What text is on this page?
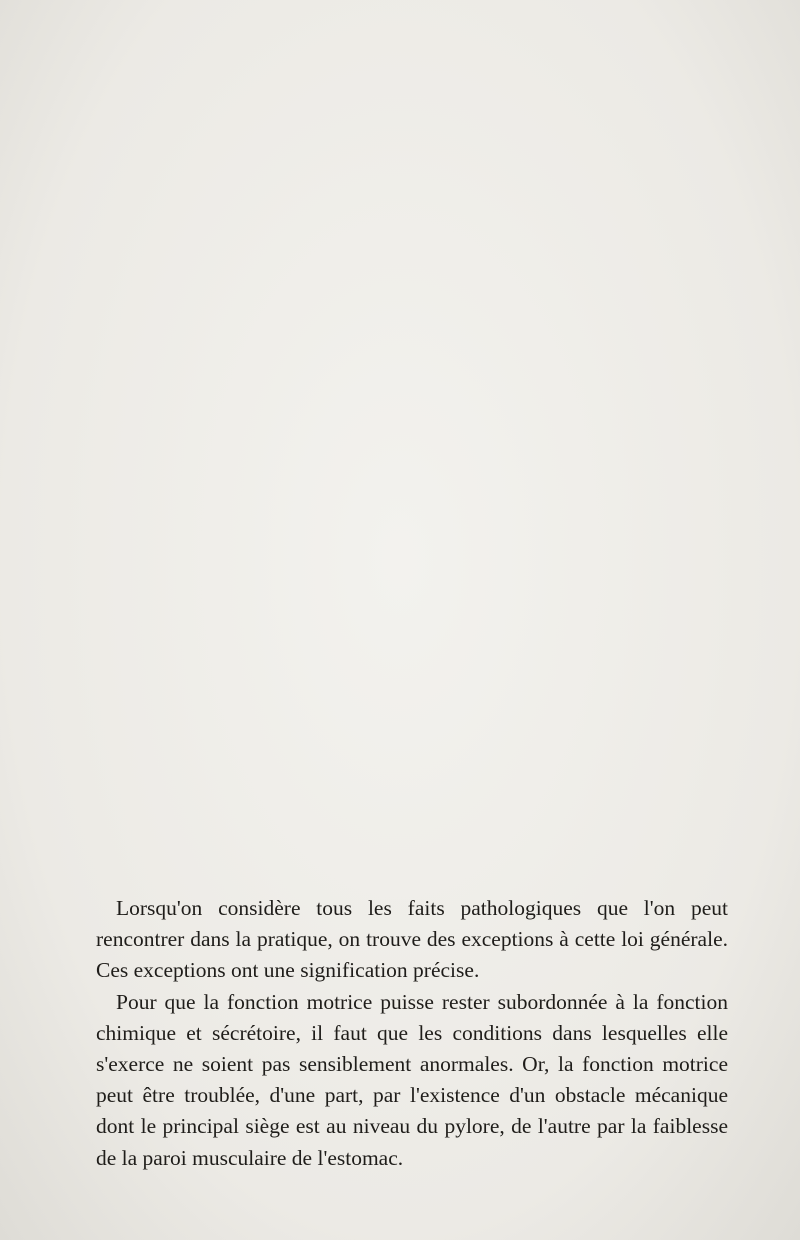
Lorsqu'on considère tous les faits pathologiques que l'on peut rencontrer dans la pratique, on trouve des exceptions à cette loi générale. Ces exceptions ont une signification précise.

Pour que la fonction motrice puisse rester subordonnée à la fonction chimique et sécrétoire, il faut que les conditions dans lesquelles elle s'exerce ne soient pas sensiblement anormales. Or, la fonction motrice peut être troublée, d'une part, par l'existence d'un obstacle mécanique dont le principal siège est au niveau du pylore, de l'autre par la faiblesse de la paroi musculaire de l'estomac.
